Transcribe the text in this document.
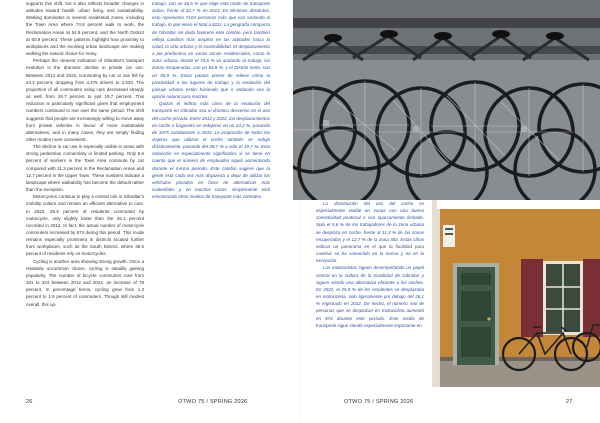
supports this shift, but it also reflects broader changes in attitudes toward health, urban living, and sustainability. Walking dominates in several residential zones, including the Town Area where 74.8 percent walk to work, the Reclamation Areas at 54.8 percent, and the North District at 50.9 percent. These patterns highlight how proximity to workplaces and the evolving urban landscape are making walking the natural choice for many.

Perhaps the clearest indication of Gibraltar's transport evolution is the dramatic decline in private car use. Between 2012 and 2022, commuting by car or van fell by 24.2 percent, dropping from 3,475 drivers to 2,633. The proportion of all commuters using cars decreased sharply as well, from 28.7 percent to just 19.7 percent. This reduction is particularly significant given that employment numbers continued to rise over the same period. The shift suggests that people are increasingly willing to move away from private vehicles in favour of more sustainable alternatives, and in many cases, they are simply finding other modes more convenient.

The decline in car use is especially visible in areas with strong pedestrian connectivity or limited parking. Only 5.6 percent of workers in the Town Area commute by car compared with 11.3 percent in the Reclamation Areas and 12.7 percent in the Upper Town. These numbers indicate a landscape where walkability has become the default rather than the exception.

Motorcycles continue to play a central role in Gibraltar's mobility culture and remain an efficient alternative to cars. In 2022, 25.9 percent of residents commuted by motorcycle, only slightly lower than the 26.1 percent recorded in 2012. In fact, the actual number of motorcycle commuters increased by 874 during this period. This mode remains especially prominent in districts located further from workplaces, such as the South District, where 35.5 percent of residents rely on motorcycles.

Cycling is another area showing strong growth. Once a relatively uncommon choice, cycling is steadily gaining popularity. The number of bicycle commuters rose from 181 to 324 between 2012 and 2022, an increase of 79 percent. In percentage terms, cycling grew from 1.3 percent to 1.9 percent of commuters. Though still modest overall, this up-

trabajo, con un 46,5 % que elige este modo de transporte activo, frente al 42,7 % en 2012. En términos absolutos, esto representa 7104 personas más que van andando al trabajo, lo que eleva el total a 8111. La geografía compacta de Gibraltar sin duda favorece este cambio, pero también refleja cambios más amplios en las actitudes hacia la salud, la vida urbana y la sostenibilidad. El desplazamiento a pie predomina en varias zonas residenciales, como la zona urbana, donde el 74,8 % va andando al trabajo, las zonas recuperadas, con un 54,8 %, y el Distrito norte, con un 50,9 %. Estas pautas ponen de relieve cómo la proximidad a los lugares de trabajo y la evolución del paisaje urbano están haciendo que ir andando sea la opción natural para muchos.

Quizás el indicio más claro de la evolución del transporte en Gibraltar sea el drástico descenso en el uso del coche privado. Entre 2012 y 2022, los desplazamientos en coche o furgoneta se redujeron en un 24,2 %, pasando de 3475 conductores a 2633. La proporción de todos los viajeros que utilizan el coche también se redujo drásticamente, pasando del 28,7 % a solo el 19,7 %. Esta reducción es especialmente significativa si se tiene en cuenta que el número de empleados siguió aumentando durante el mismo periodo. Este cambio sugiere que la gente está cada vez más dispuesta a dejar de utilizar los vehículos privados en favor de alternativas más sostenibles y, en muchos casos, simplemente está encontrando otros medios de transporte más cómodos.

La disminución del uso del coche es especialmente visible en zonas con una buena conectividad peatonal o con aparcamiento limitado. Solo el 5,6 % de los trabajadores de la zona urbana se desplaza en coche, frente al 11,3 % de las zonas recuperadas y el 12,7 % de la zona alta. Estas cifras indican un panorama en el que la facilidad para caminar se ha convertido en la norma y no en la excepción.

Las motocicletas siguen desempeñando un papel central en la cultura de la movilidad de Gibraltar y siguen siendo una alternativa eficiente a los coches. En 2022, el 25,9 % de los residentes se desplazaba en motocicleta, solo ligeramente por debajo del 26,1 % registrado en 2012. De hecho, el número real de personas que se desplazan en motocicleta aumentó en 874 durante este periodo. Este medio de transporte sigue siendo especialmente importante en

26	OTWO 75 / SPRING 2026	OTWO 75 / SPRING 2026	27
